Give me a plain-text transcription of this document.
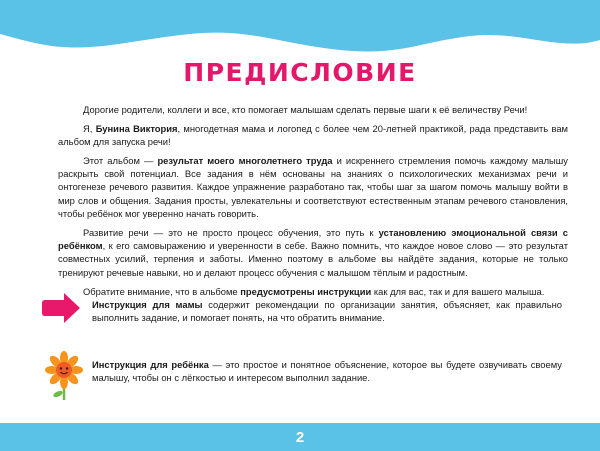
ПРЕДИСЛОВИЕ

Дорогие родители, коллеги и все, кто помогает малышам сделать первые шаги к её величеству Речи!

Я, Бунина Виктория, многодетная мама и логопед с более чем 20-летней практикой, рада представить вам альбом для запуска речи!

Этот альбом — результат моего многолетнего труда и искреннего стремления помочь каждому малышу раскрыть свой потенциал. Все задания в нём основаны на знаниях о психологических механизмах речи и онтогенезе речевого развития. Каждое упражнение разработано так, чтобы шаг за шагом помочь малышу войти в мир слов и общения. Задания просты, увлекательны и соответствуют естественным этапам речевого становления, чтобы ребёнок мог уверенно начать говорить.

Развитие речи — это не просто процесс обучения, это путь к установлению эмоциональной связи с ребёнком, к его самовыражению и уверенности в себе. Важно помнить, что каждое новое слово — это результат совместных усилий, терпения и заботы. Именно поэтому в альбоме вы найдёте задания, которые не только тренируют речевые навыки, но и делают процесс обучения с малышом тёплым и радостным.

Обратите внимание, что в альбоме предусмотрены инструкции как для вас, так и для вашего малыша.

Инструкция для мамы содержит рекомендации по организации занятия, объясняет, как правильно выполнить задание, и помогает понять, на что обратить внимание.
Инструкция для ребёнка — это простое и понятное объяснение, которое вы будете озвучивать своему малышу, чтобы он с лёгкостью и интересом выполнил задание.
2
